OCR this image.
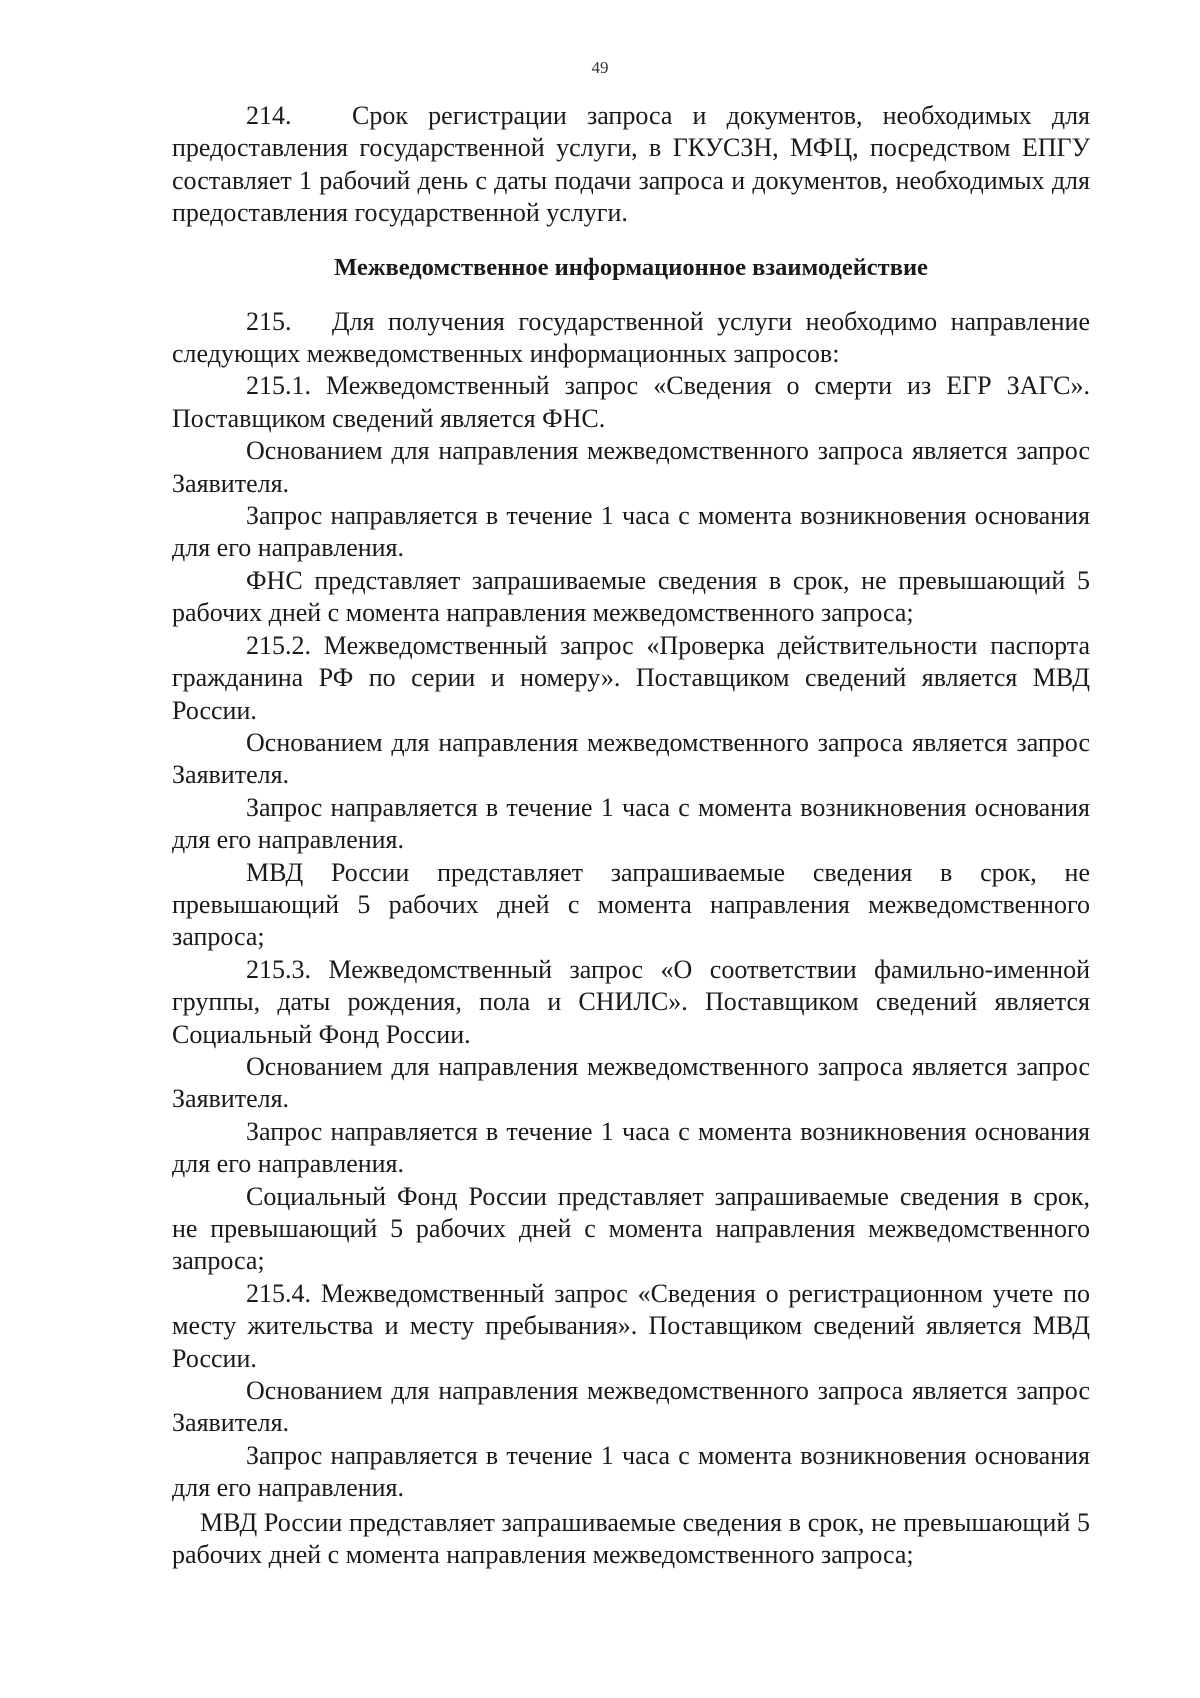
49

214.   Срок регистрации запроса и документов, необходимых для предоставления государственной услуги, в ГКУСЗН, МФЦ, посредством ЕПГУ составляет 1 рабочий день с даты подачи запроса и документов, необходимых для предоставления государственной услуги.

Межведомственное информационное взаимодействие

215.   Для получения государственной услуги необходимо направление следующих межведомственных информационных запросов:

215.1. Межведомственный запрос «Сведения о смерти из ЕГР ЗАГС». Поставщиком сведений является ФНС.

Основанием для направления межведомственного запроса является запрос Заявителя.

Запрос направляется в течение 1 часа с момента возникновения основания для его направления.

ФНС представляет запрашиваемые сведения в срок, не превышающий 5 рабочих дней с момента направления межведомственного запроса;

215.2. Межведомственный запрос «Проверка действительности паспорта гражданина РФ по серии и номеру». Поставщиком сведений является МВД России.

Основанием для направления межведомственного запроса является запрос Заявителя.

Запрос направляется в течение 1 часа с момента возникновения основания для его направления.

МВД России представляет запрашиваемые сведения в срок, не превышающий 5 рабочих дней с момента направления межведомственного запроса;

215.3. Межведомственный запрос «О соответствии фамильно-именной группы, даты рождения, пола и СНИЛС». Поставщиком сведений является Социальный Фонд России.

Основанием для направления межведомственного запроса является запрос Заявителя.

Запрос направляется в течение 1 часа с момента возникновения основания для его направления.

Социальный Фонд России представляет запрашиваемые сведения в срок, не превышающий 5 рабочих дней с момента направления межведомственного запроса;

215.4. Межведомственный запрос «Сведения о регистрационном учете по месту жительства и месту пребывания». Поставщиком сведений является МВД России.

Основанием для направления межведомственного запроса является запрос Заявителя.

Запрос направляется в течение 1 часа с момента возникновения основания для его направления.

МВД России представляет запрашиваемые сведения в срок, не превышающий 5 рабочих дней с момента направления межведомственного запроса;
